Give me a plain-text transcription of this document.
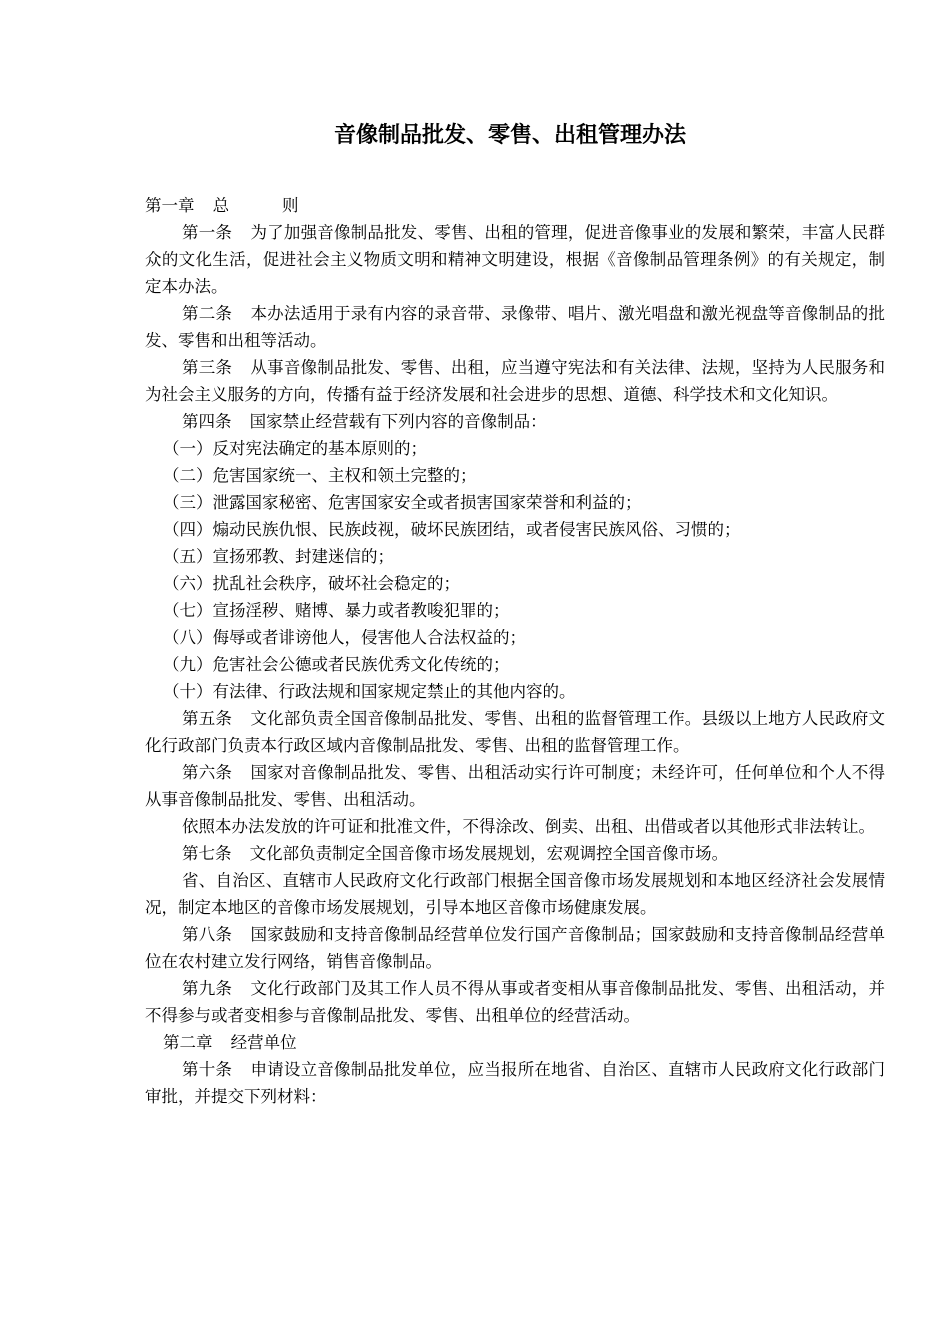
音像制品批发、零售、出租管理办法

第一章 总	则

第一条 为了加强音像制品批发、零售、出租的管理，促进音像事业的发展和繁荣，丰富人民群众的文化生活，促进社会主义物质文明和精神文明建设，根据《音像制品管理条例》的有关规定，制定本办法。

第二条 本办法适用于录有内容的录音带、录像带、唱片、激光唱盘和激光视盘等音像制品的批发、零售和出租等活动。

第三条 从事音像制品批发、零售、出租，应当遵守宪法和有关法律、法规，坚持为人民服务和为社会主义服务的方向，传播有益于经济发展和社会进步的思想、道德、科学技术和文化知识。

第四条 国家禁止经营载有下列内容的音像制品：

（一）反对宪法确定的基本原则的；

（二）危害国家统一、主权和领土完整的；

（三）泄露国家秘密、危害国家安全或者损害国家荣誉和利益的；

（四）煽动民族仇恨、民族歧视，破坏民族团结，或者侵害民族风俗、习惯的；

（五）宣扬邪教、封建迷信的；

（六）扰乱社会秩序，破坏社会稳定的；

（七）宣扬淫秽、赌博、暴力或者教唆犯罪的；

（八）侮辱或者诽谤他人，侵害他人合法权益的；

（九）危害社会公德或者民族优秀文化传统的；

（十）有法律、行政法规和国家规定禁止的其他内容的。

第五条 文化部负责全国音像制品批发、零售、出租的监督管理工作。县级以上地方人民政府文化行政部门负责本行政区域内音像制品批发、零售、出租的监督管理工作。

第六条 国家对音像制品批发、零售、出租活动实行许可制度；未经许可，任何单位和个人不得从事音像制品批发、零售、出租活动。

依照本办法发放的许可证和批准文件，不得涂改、倒卖、出租、出借或者以其他形式非法转让。

第七条 文化部负责制定全国音像市场发展规划，宏观调控全国音像市场。

省、自治区、直辖市人民政府文化行政部门根据全国音像市场发展规划和本地区经济社会发展情况，制定本地区的音像市场发展规划，引导本地区音像市场健康发展。

第八条 国家鼓励和支持音像制品经营单位发行国产音像制品；国家鼓励和支持音像制品经营单位在农村建立发行网络，销售音像制品。

第九条 文化行政部门及其工作人员不得从事或者变相从事音像制品批发、零售、出租活动，并不得参与或者变相参与音像制品批发、零售、出租单位的经营活动。

第二章 经营单位

第十条 申请设立音像制品批发单位，应当报所在地省、自治区、直辖市人民政府文化行政部门审批，并提交下列材料：
